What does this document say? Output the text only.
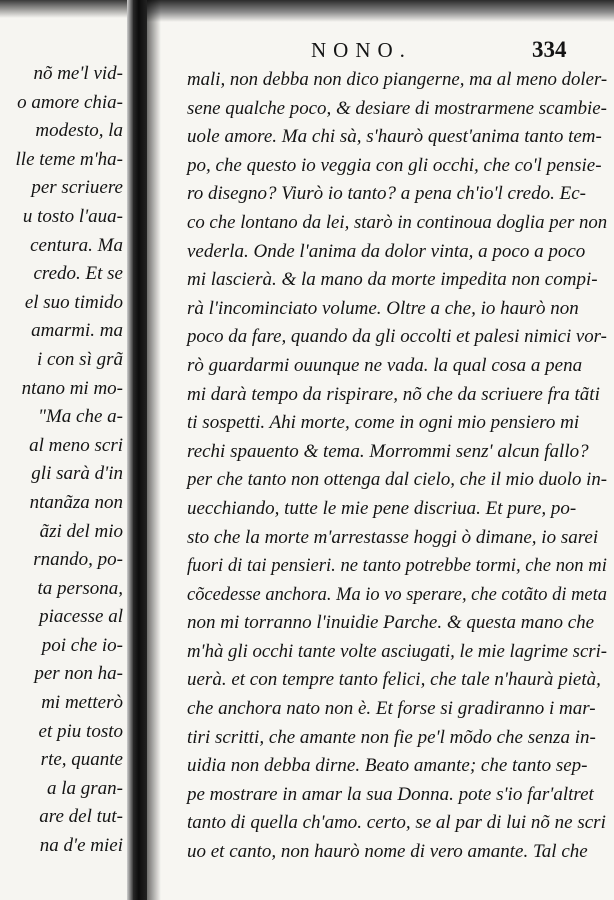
nõ me'l vid-
o amore chia-
modesto, la
lle teme m'ha-
per scriuere
u tosto l'aua-
centura. Ma
credo. Et se
el suo timido
amarmi. ma
i con sì grã
ntano mi mo-
"Ma che a-
al meno scri
gli sarà d'in
ntanãza non
ãzi del mio
rnando, po-
ta persona,
piacesse al
poi che io-
per non ha-
mi metterò
et piu tosto
rte, quante
a la gran-
are del tut-
na d'e miei
NONO.	334
mali, non debba non dico piangerne, ma al meno doler-
sene qualche poco, & desiare di mostrarmene scambie-
uole amore. Ma chi sà, s'haurò quest'anima tanto tem-
po, che questo io veggia con gli occhi, che co'l pensie-
ro disegno? Viurò io tanto? a pena ch'io'l credo. Ec-
co che lontano da lei, starò in continoua doglia per non
vederla. Onde l'anima da dolor vinta, a poco a poco
mi lascierà. & la mano da morte impedita non compi-
rà l'incominciato volume. Oltre a che, io haurò non
poco da fare, quando da gli occolti et palesi nimici vor-
rò guardarmi ouunque ne vada. la qual cosa a pena
mi darà tempo da rispirare, nõ che da scriuere fra tãti
ti sospetti. Ahi morte, come in ogni mio pensiero mi
rechi spauento & tema. Morrommi senz' alcun fallo?
per che tanto non ottenga dal cielo, che il mio duolo in-
uecchiando, tutte le mie pene discriua. Et pure, po-
sto che la morte m'arrestasse hoggi ò dimane, io sarei
fuori di tai pensieri. ne tanto potrebbe tormi, che non mi
cõcedesse anchora. Ma io vo sperare, che cotãto di meta
non mi torranno l'inuidie Parche. & questa mano che
m'hà gli occhi tante volte asciugati, le mie lagrime scri-
uerà. et con tempre tanto felici, che tale n'haurà pietà,
che anchora nato non è. Et forse si gradiranno i mar-
tiri scritti, che amante non fie pe'l mõdo che senza in-
uidia non debba dirne. Beato amante; che tanto sep-
pe mostrare in amar la sua Donna. pote s'io far'altret
tanto di quella ch'amo. certo, se al par di lui nõ ne scri
uo et canto, non haurò nome di vero amante. Tal che
